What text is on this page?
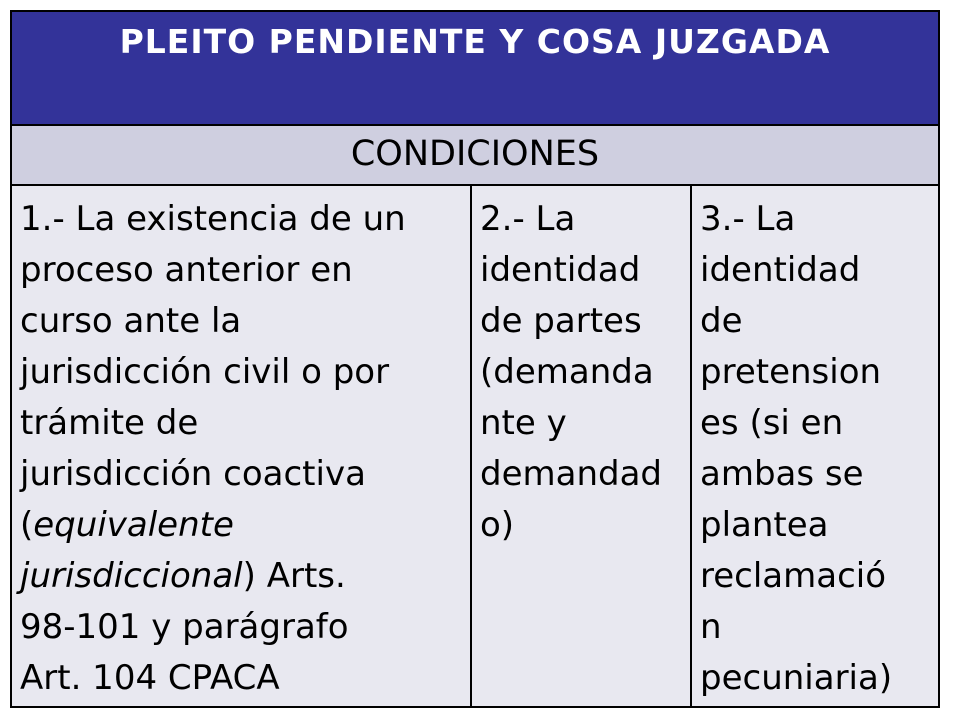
PLEITO PENDIENTE Y COSA JUZGADA
CONDICIONES
1.- La existencia de un
proceso anterior en
curso ante la
jurisdicción civil o por
trámite de
jurisdicción coactiva
(equivalente
jurisdiccional) Arts.
98-101 y parágrafo
Art. 104 CPACA
2.- La
identidad
de partes
(demanda
nte y
demandad
o)
3.- La
identidad
de
pretension
es (si en
ambas se
plantea
reclamació
n
pecuniaria)
